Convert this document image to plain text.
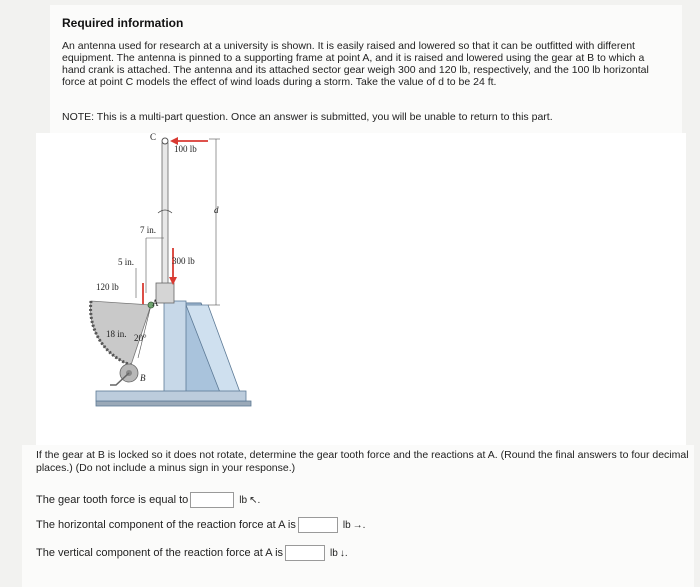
Required information
An antenna used for research at a university is shown. It is easily raised and lowered so that it can be outfitted with different equipment. The antenna is pinned to a supporting frame at point A, and it is raised and lowered using the gear at B to which a hand crank is attached. The antenna and its attached sector gear weigh 300 and 120 lb, respectively, and the 100 lb horizontal force at point C models the effect of wind loads during a storm. Take the value of d to be 24 ft.
NOTE: This is a multi-part question. Once an answer is submitted, you will be unable to return to this part.
C
100 lb
d
7 in.
5 in.	300 lb
120 lb
A
18 in. 20°
B
If the gear at B is locked so it does not rotate, determine the gear tooth force and the reactions at A. (Round the final answers to four decimal places.) (Do not include a minus sign in your response.)
The gear tooth force is equal to	lb ↖.
The horizontal component of the reaction force at A is	lb →.
The vertical component of the reaction force at A is	lb ↓.
